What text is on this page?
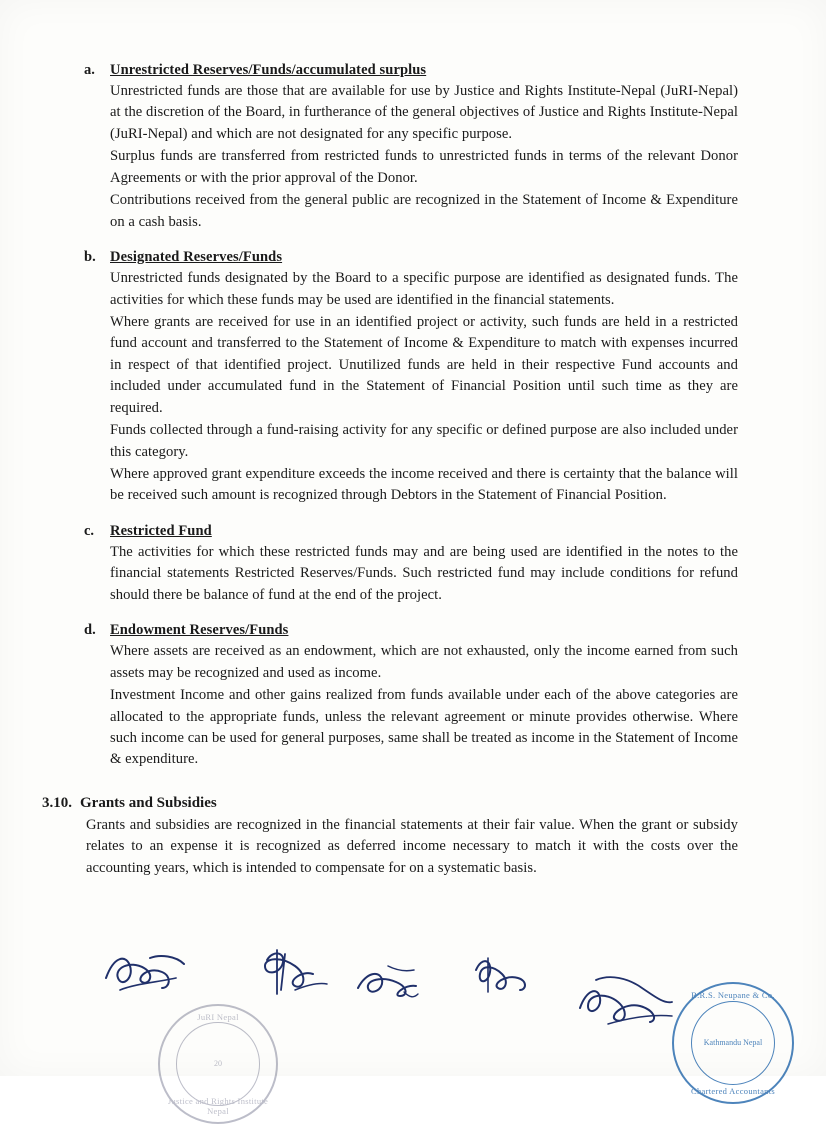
a.	Unrestricted Reserves/Funds/accumulated surplus

Unrestricted funds are those that are available for use by Justice and Rights Institute-Nepal (JuRI-Nepal) at the discretion of the Board, in furtherance of the general objectives of Justice and Rights Institute-Nepal (JuRI-Nepal) and which are not designated for any specific purpose.

Surplus funds are transferred from restricted funds to unrestricted funds in terms of the relevant Donor Agreements or with the prior approval of the Donor.

Contributions received from the general public are recognized in the Statement of Income & Expenditure on a cash basis.

b. Designated Reserves/Funds

Unrestricted funds designated by the Board to a specific purpose are identified as designated funds. The activities for which these funds may be used are identified in the financial statements.

Where grants are received for use in an identified project or activity, such funds are held in a restricted fund account and transferred to the Statement of Income & Expenditure to match with expenses incurred in respect of that identified project. Unutilized funds are held in their respective Fund accounts and included under accumulated fund in the Statement of Financial Position until such time as they are required.

Funds collected through a fund-raising activity for any specific or defined purpose are also included under this category.

Where approved grant expenditure exceeds the income received and there is certainty that the balance will be received such amount is recognized through Debtors in the Statement of Financial Position.

c.	Restricted Fund

The activities for which these restricted funds may and are being used are identified in the notes to the financial statements Restricted Reserves/Funds. Such restricted fund may include conditions for refund should there be balance of fund at the end of the project.

d. Endowment Reserves/Funds

Where assets are received as an endowment, which are not exhausted, only the income earned from such assets may be recognized and used as income.

Investment Income and other gains realized from funds available under each of the above categories are allocated to the appropriate funds, unless the relevant agreement or minute provides otherwise. Where such income can be used for general purposes, same shall be treated as income in the Statement of Income & expenditure.

3.10. Grants and Subsidies

Grants and subsidies are recognized in the financial statements at their fair value. When the grant or subsidy relates to an expense it is recognized as deferred income necessary to match it with the costs over the accounting years, which is intended to compensate for on a systematic basis.

B.R.S. Neupane & Co.
Kathmandu Nepal
Chartered Accountants
JuRI Nepal
20
Justice and Rights Institute Nepal
